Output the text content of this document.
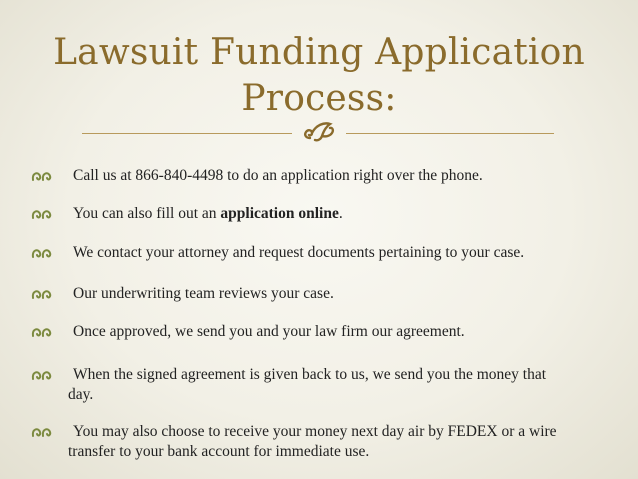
Lawsuit Funding Application
Process:
Call us at 866-840-4498 to do an application right over the phone.
You can also fill out an application online.
We contact your attorney and request documents pertaining to your case.
Our underwriting team reviews your case.
Once approved, we send you and your law firm our agreement.
When the signed agreement is given back to us, we send you the money that
day.
You may also choose to receive your money next day air by FEDEX or a wire
transfer to your bank account for immediate use.
